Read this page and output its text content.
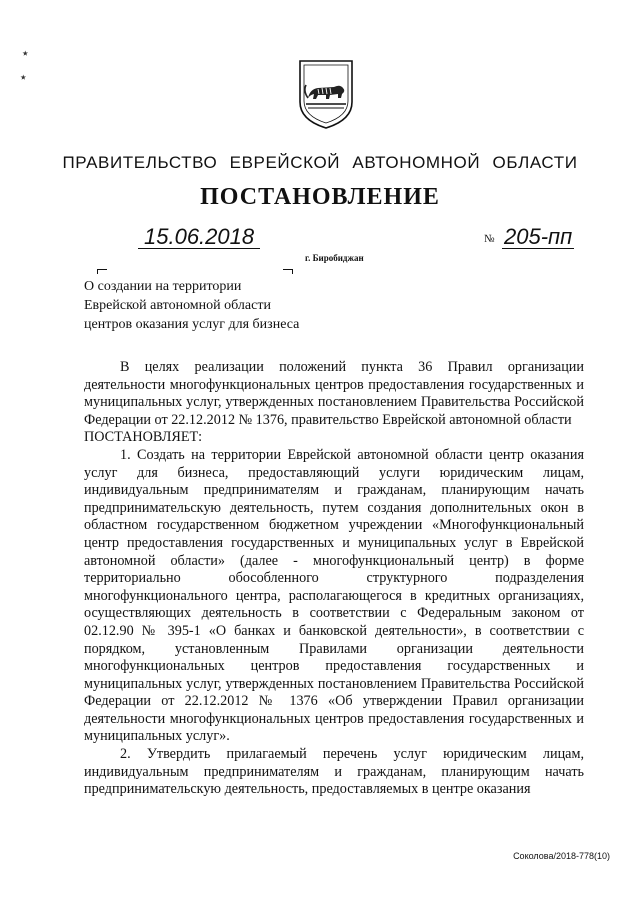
٭
٭
ПРАВИТЕЛЬСТВО ЕВРЕЙСКОЙ АВТОНОМНОЙ ОБЛАСТИ
ПОСТАНОВЛЕНИЕ
15.06.2018	№ 205-пп
г. Биробиджан
О создании на территории
Еврейской автономной области
центров оказания услуг для бизнеса

В целях реализации положений пункта 36 Правил организации деятельности многофункциональных центров предоставления государственных и муниципальных услуг, утвержденных постановлением Правительства Российской Федерации от 22.12.2012 № 1376, правительство Еврейской автономной области

ПОСТАНОВЛЯЕТ:

1. Создать на территории Еврейской автономной области центр оказания услуг для бизнеса, предоставляющий услуги юридическим лицам, индивидуальным предпринимателям и гражданам, планирующим начать предпринимательскую деятельность, путем создания дополнительных окон в областном государственном бюджетном учреждении «Многофункциональный центр предоставления государственных и муниципальных услуг в Еврейской автономной области» (далее - многофункциональный центр) в форме территориально обособленного структурного подразделения многофункционального центра, располагающегося в кредитных организациях, осуществляющих деятельность в соответствии с Федеральным законом от 02.12.90 № 395-1 «О банках и банковской деятельности», в соответствии с порядком, установленным Правилами организации деятельности многофункциональных центров предоставления государственных и муниципальных услуг, утвержденных постановлением Правительства Российской Федерации от 22.12.2012 № 1376 «Об утверждении Правил организации деятельности многофункциональных центров предоставления государственных и муниципальных услуг».

2. Утвердить прилагаемый перечень услуг юридическим лицам, индивидуальным предпринимателям и гражданам, планирующим начать предпринимательскую деятельность, предоставляемых в центре оказания

Соколова/2018-778(10)
